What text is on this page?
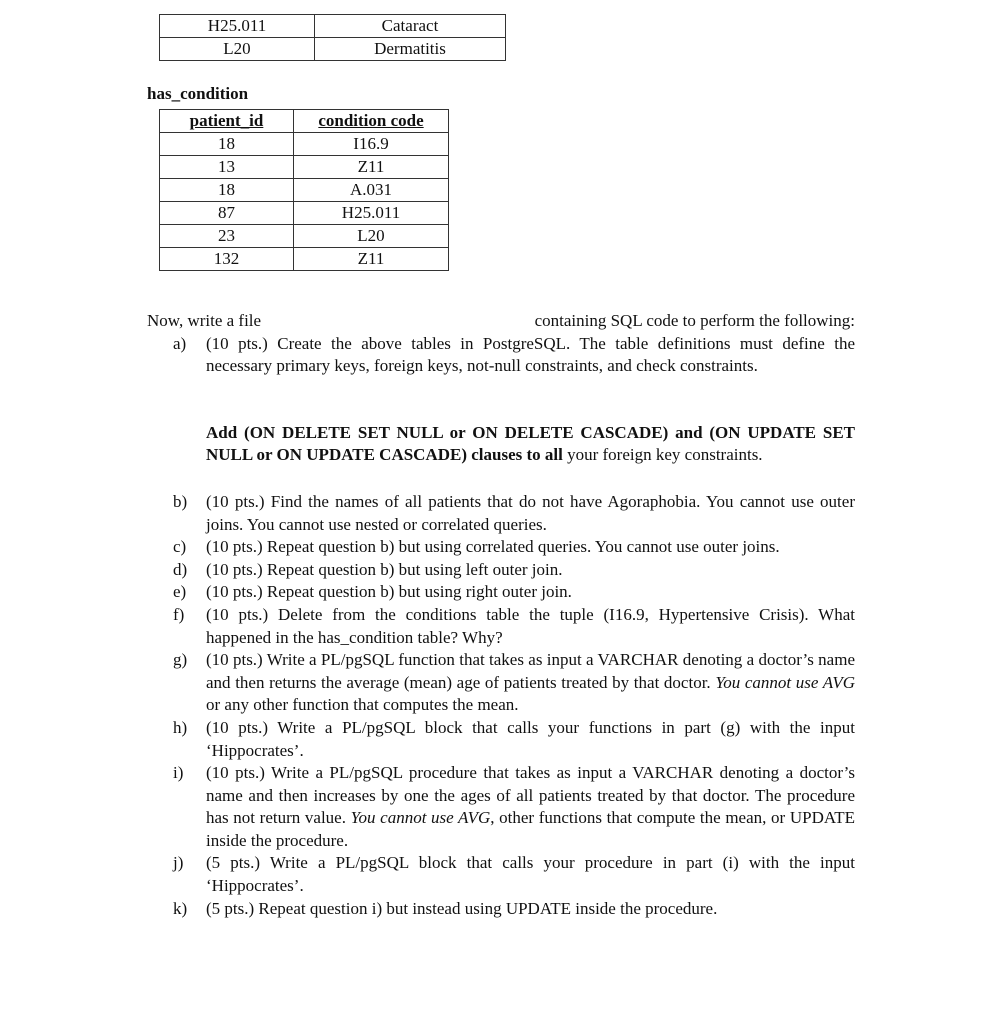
H25.011	Cataract
L20	Dermatitis
has_condition
patient_id	condition code
18	I16.9
13	Z11
18	A.031
87	H25.011
23	L20
132	Z11
Now, write a file	containing SQL code to perform the following:
a)	(10 pts.) Create the above tables in PostgreSQL. The table definitions must define the necessary primary keys, foreign keys, not-null constraints, and check constraints.
Add (ON DELETE SET NULL or ON DELETE CASCADE) and (ON UPDATE SET NULL or ON UPDATE CASCADE) clauses to all your foreign key constraints.
b)	(10 pts.) Find the names of all patients that do not have Agoraphobia. You cannot use outer joins. You cannot use nested or correlated queries.
c)	(10 pts.) Repeat question b) but using correlated queries. You cannot use outer joins.
d)	(10 pts.) Repeat question b) but using left outer join.
e)	(10 pts.) Repeat question b) but using right outer join.
f)	(10 pts.) Delete from the conditions table the tuple (I16.9, Hypertensive Crisis). What happened in the has_condition table? Why?
g)	(10 pts.) Write a PL/pgSQL function that takes as input a VARCHAR denoting a doctor’s name and then returns the average (mean) age of patients treated by that doctor. You cannot use AVG or any other function that computes the mean.
h)	(10 pts.) Write a PL/pgSQL block that calls your functions in part (g) with the input ‘Hippocrates’.
i)	(10 pts.) Write a PL/pgSQL procedure that takes as input a VARCHAR denoting a doctor’s name and then increases by one the ages of all patients treated by that doctor. The procedure has not return value. You cannot use AVG, other functions that compute the mean, or UPDATE inside the procedure.
j)	(5 pts.) Write a PL/pgSQL block that calls your procedure in part (i) with the input ‘Hippocrates’.
k)	(5 pts.) Repeat question i) but instead using UPDATE inside the procedure.
